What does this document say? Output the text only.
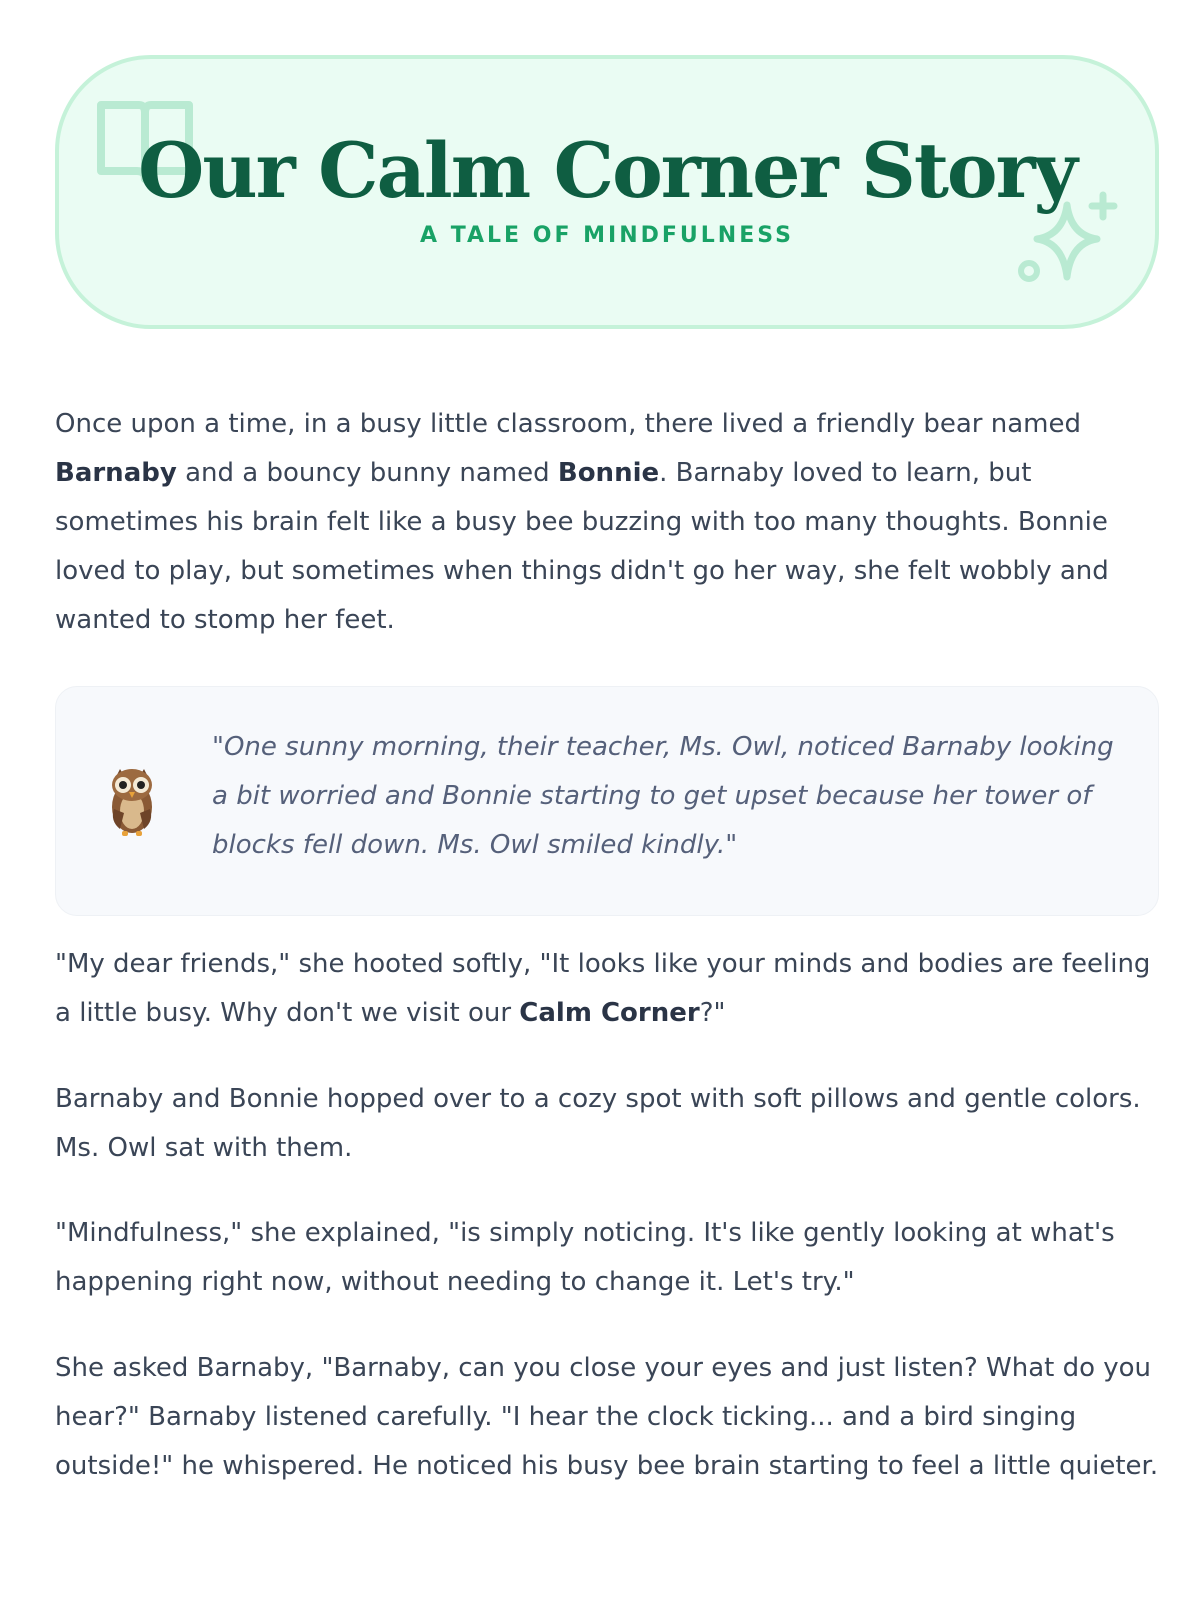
Our Calm Corner Story
A TALE OF MINDFULNESS

Once upon a time, in a busy little classroom, there lived a friendly bear named Barnaby and a bouncy bunny named Bonnie. Barnaby loved to learn, but sometimes his brain felt like a busy bee buzzing with too many thoughts. Bonnie loved to play, but sometimes when things didn't go her way, she felt wobbly and wanted to stomp her feet.

"One sunny morning, their teacher, Ms. Owl, noticed Barnaby looking a bit worried and Bonnie starting to get upset because her tower of blocks fell down. Ms. Owl smiled kindly."

"My dear friends," she hooted softly, "It looks like your minds and bodies are feeling a little busy. Why don't we visit our Calm Corner?"

Barnaby and Bonnie hopped over to a cozy spot with soft pillows and gentle colors. Ms. Owl sat with them.

"Mindfulness," she explained, "is simply noticing. It's like gently looking at what's happening right now, without needing to change it. Let's try."

She asked Barnaby, "Barnaby, can you close your eyes and just listen? What do you hear?" Barnaby listened carefully. "I hear the clock ticking... and a bird singing outside!" he whispered. He noticed his busy bee brain starting to feel a little quieter.
